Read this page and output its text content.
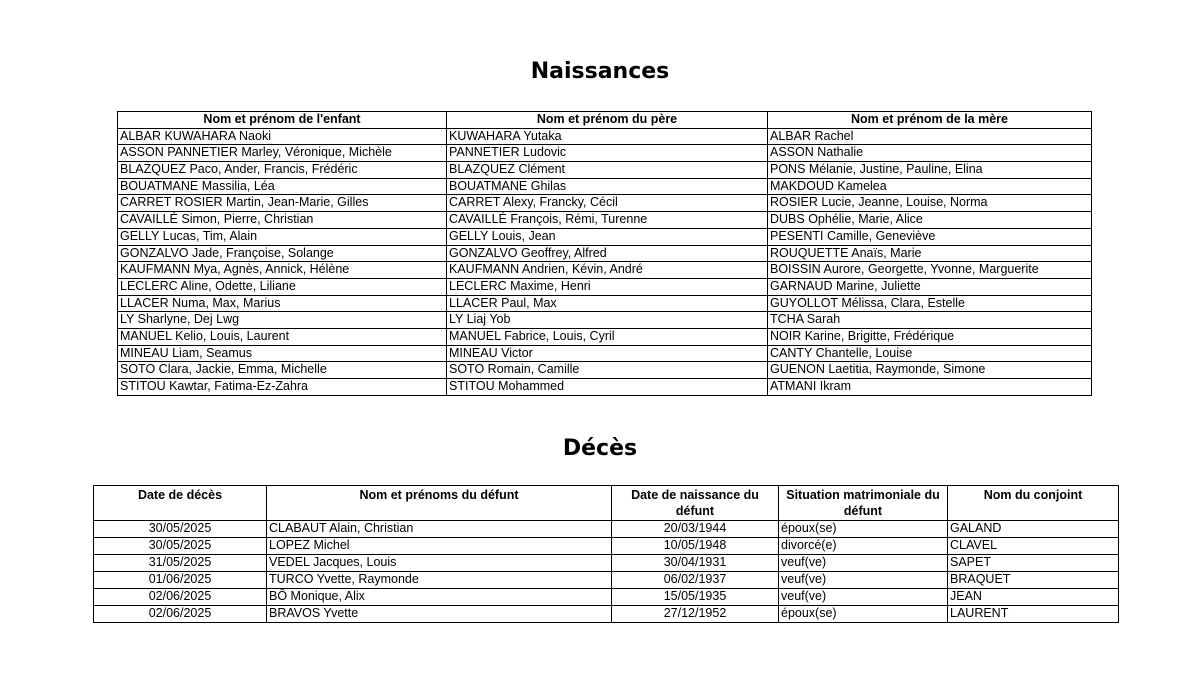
Naissances
Nom et prénom de l'enfant	Nom et prénom du père	Nom et prénom de la mère
ALBAR KUWAHARA Naoki	KUWAHARA Yutaka	ALBAR Rachel
ASSON PANNETIER Marley, Véronique, Michèle	PANNETIER Ludovic	ASSON Nathalie
BLAZQUEZ Paco, Ander, Francis, Frédéric	BLAZQUEZ Clément	PONS Mélanie, Justine, Pauline, Elina
BOUATMANE Massilia, Léa	BOUATMANE Ghilas	MAKDOUD Kamelea
CARRET ROSIER Martin, Jean-Marie, Gilles	CARRET Alexy, Francky, Cécil	ROSIER Lucie, Jeanne, Louise, Norma
CAVAILLÉ Simon, Pierre, Christian	CAVAILLÉ François, Rémi, Turenne	DUBS Ophélie, Marie, Alice
GELLY Lucas, Tim, Alain	GELLY Louis, Jean	PESENTI Camille, Geneviève
GONZALVO Jade, Françoise, Solange	GONZALVO Geoffrey, Alfred	ROUQUETTE Anaïs, Marie
KAUFMANN Mya, Agnès, Annick, Hélène	KAUFMANN Andrien, Kévin, André	BOISSIN Aurore, Georgette, Yvonne, Marguerite
LECLERC Aline, Odette, Liliane	LECLERC Maxime, Henri	GARNAUD Marine, Juliette
LLACER Numa, Max, Marius	LLACER Paul, Max	GUYOLLOT Mélissa, Clara, Estelle
LY Sharlyne, Dej Lwg	LY Liaj Yob	TCHA Sarah
MANUEL Kelio, Louis, Laurent	MANUEL Fabrice, Louis, Cyril	NOIR Karine, Brigitte, Frédérique
MINEAU Liam, Seamus	MINEAU Victor	CANTY Chantelle, Louise
SOTO Clara, Jackie, Emma, Michelle	SOTO Romain, Camille	GUENON Laetitia, Raymonde, Simone
STITOU Kawtar, Fatima-Ez-Zahra	STITOU Mohammed	ATMANI Ikram
Décès
Date de décès	Nom et prénoms du défunt	Date de naissance du défunt	Situation matrimoniale du défunt	Nom du conjoint
30/05/2025	CLABAUT Alain, Christian	20/03/1944	époux(se)	GALAND
30/05/2025	LOPEZ Michel	10/05/1948	divorcé(e)	CLAVEL
31/05/2025	VEDEL Jacques, Louis	30/04/1931	veuf(ve)	SAPET
01/06/2025	TURCO Yvette, Raymonde	06/02/1937	veuf(ve)	BRAQUET
02/06/2025	BÔ Monique, Alix	15/05/1935	veuf(ve)	JEAN
02/06/2025	BRAVOS Yvette	27/12/1952	époux(se)	LAURENT
